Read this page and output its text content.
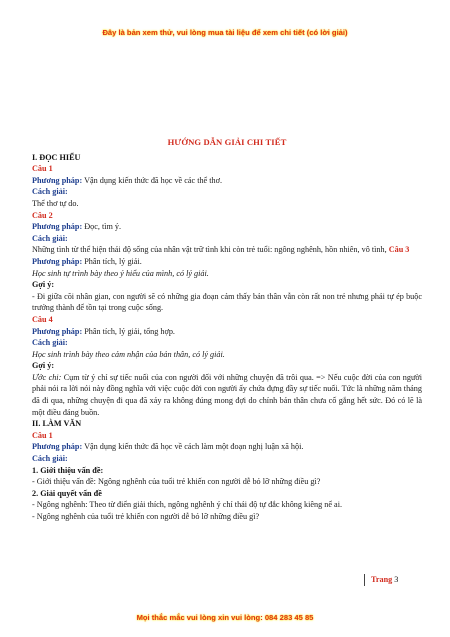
Đây là bản xem thử, vui lòng mua tài liệu để xem chi tiết (có lời giải)
HƯỚNG DẪN GIẢI CHI TIẾT
I. ĐỌC HIỂU
Câu 1
Phương pháp: Vận dụng kiến thức đã học về các thể thơ.
Cách giải:
Thể thơ tự do.
Câu 2
Phương pháp: Đọc, tìm ý.
Cách giải:
Những tình từ thể hiện thái độ sống của nhân vật trữ tình khi còn trẻ tuổi: ngông nghênh, hồn nhiên, vô tình, Câu 3
Phương pháp: Phân tích, lý giải.
Học sinh tự trình bày theo ý hiểu của mình, có lý giải.
Gợi ý:
- Đi giữa cõi nhân gian, con người sẽ có những gia đoạn cảm thấy bản thân vẫn còn rất non trẻ nhưng phải tự ép buộc trưởng thành để tồn tại trong cuộc sống.
Câu 4
Phương pháp: Phân tích, lý giải, tổng hợp.
Cách giải:
Học sinh trình bày theo cảm nhận của bản thân, có lý giải.
Gợi ý:
Ước chi: Cụm từ ý chỉ sự tiếc nuối của con người đối với những chuyện đã trôi qua. => Nếu cuộc đời của con người phải nói ra lời nói này đồng nghĩa với việc cuộc đời con người ấy chứa đựng đầy sự tiếc nuối. Tức là những năm tháng đã đi qua, những chuyện đi qua đã xảy ra không đúng mong đợi do chính bản thân chưa cố gắng hết sức. Đó có lẽ là một điều đáng buồn.
II. LÀM VĂN
Câu 1
Phương pháp: Vận dụng kiến thức đã học về cách làm một đoạn nghị luận xã hội.
Cách giải:
1. Giới thiệu vấn đề:
- Giới thiệu vấn đề: Ngông nghênh của tuổi trẻ khiến con người dễ bỏ lỡ những điều gì?
2. Giải quyết vấn đề
- Ngông nghênh: Theo từ điển giải thích, ngông nghênh ý chỉ thái độ tự đắc không kiêng nể ai.
- Ngông nghênh của tuổi trẻ khiến con người dễ bỏ lỡ những điều gì?
Trang 3
Mọi thắc mắc vui lòng xin vui lòng: 084 283 45 85
